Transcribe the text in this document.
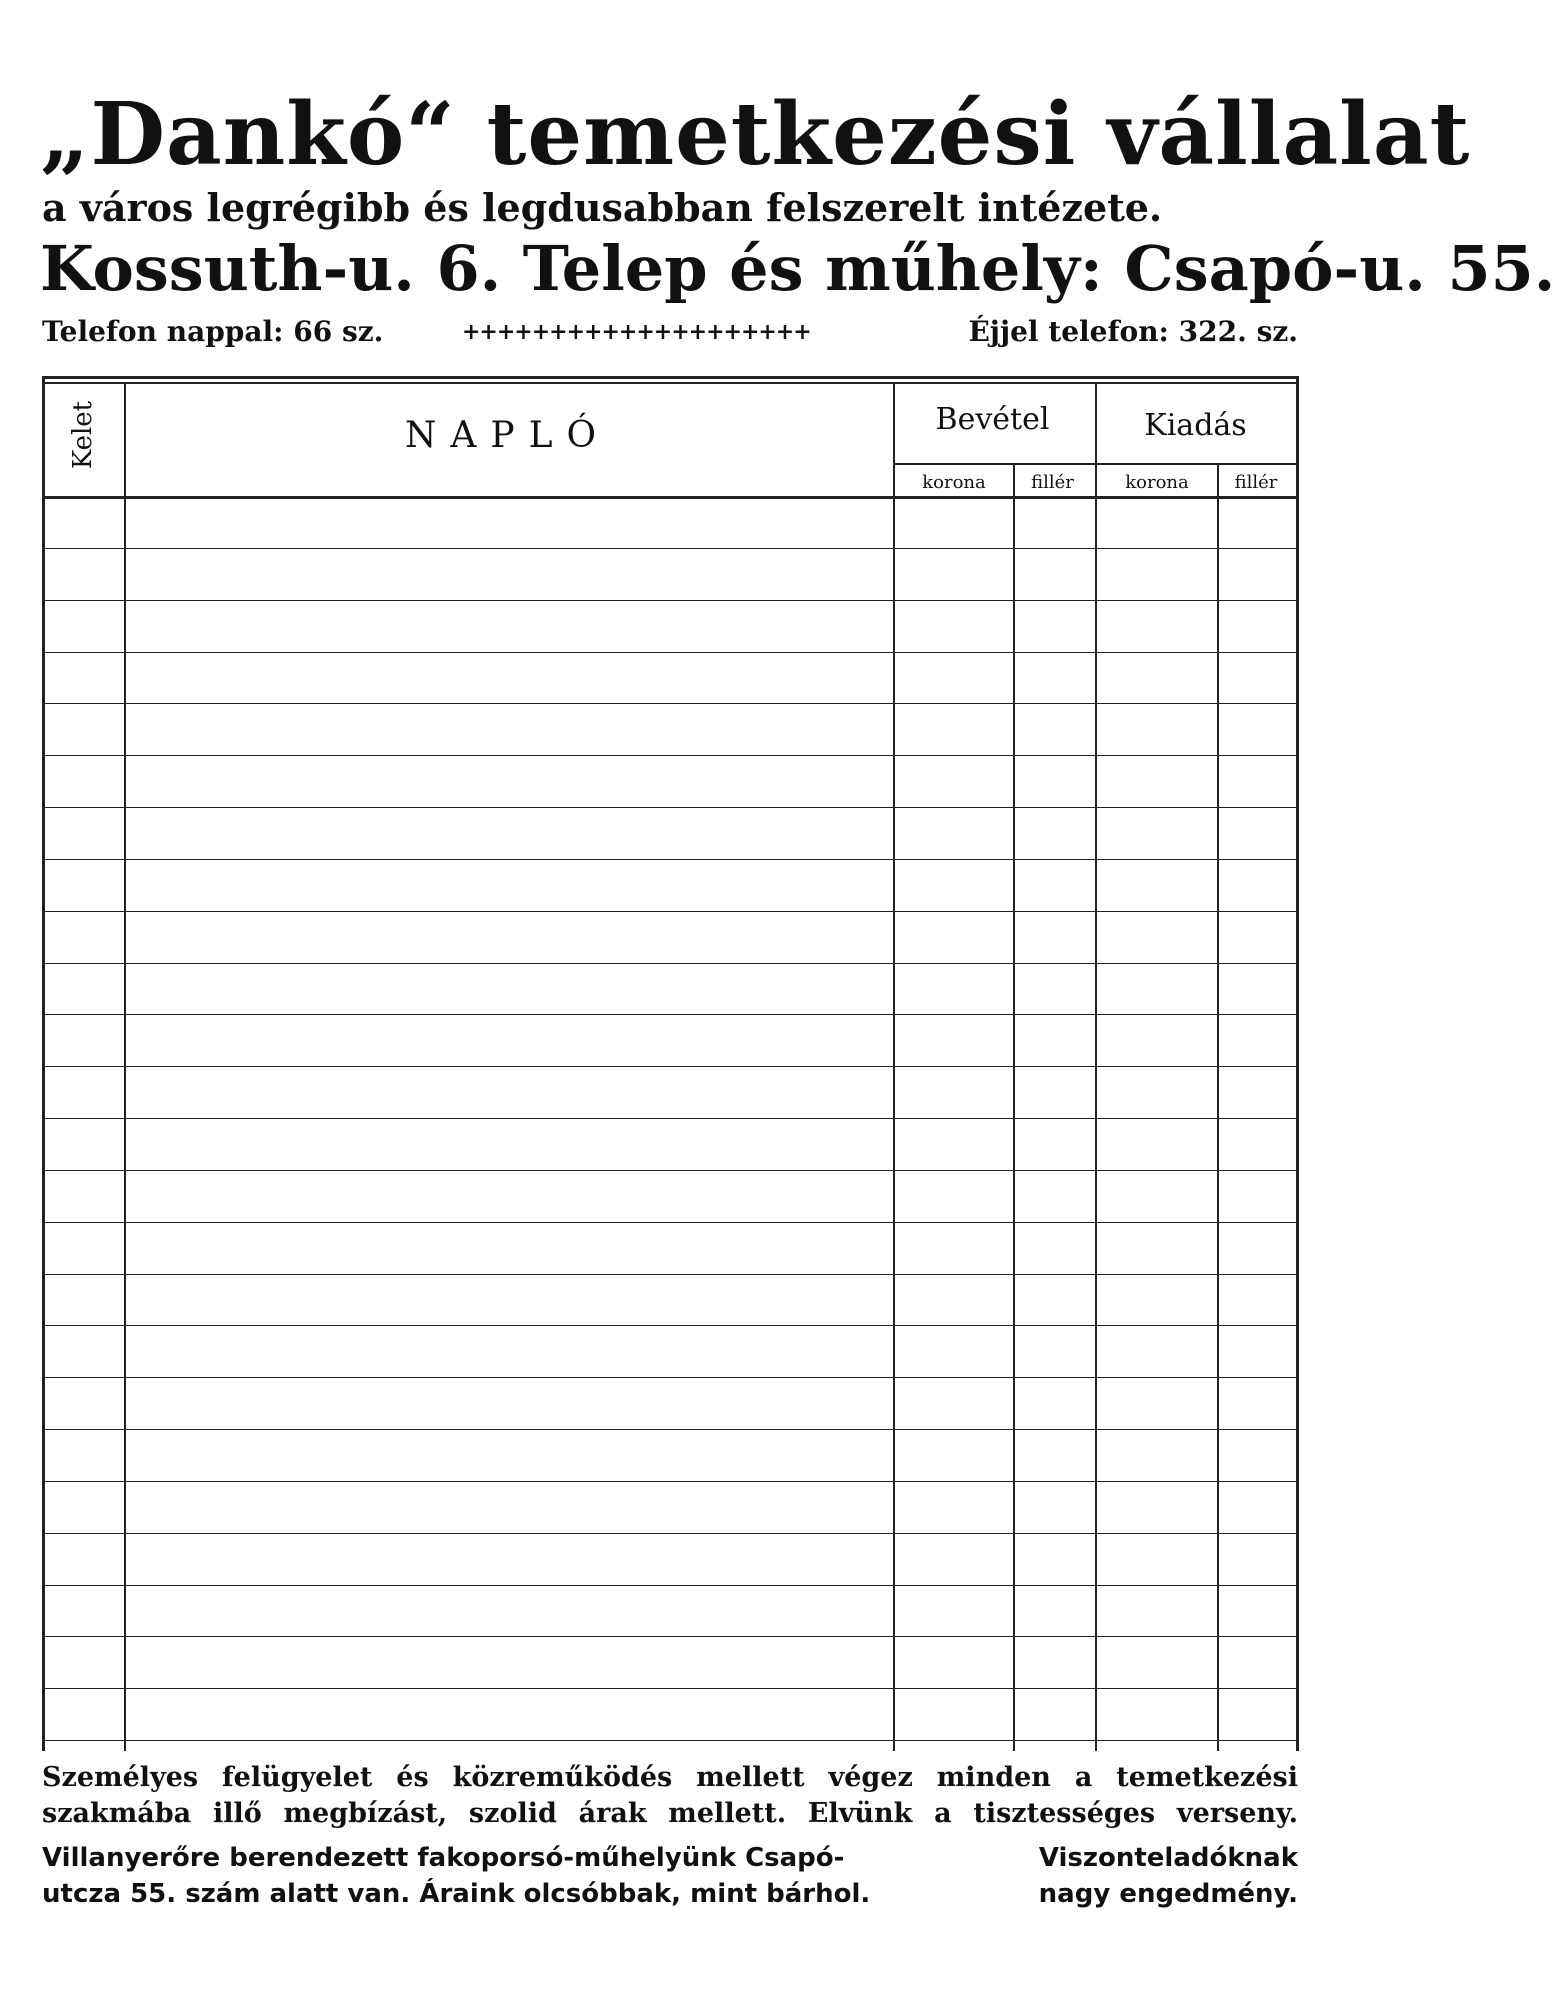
„Dankó“ temetkezési vállalat
a város legrégibb és legdusabban felszerelt intézete.
Kossuth-u. 6. Telep és műhely: Csapó-u. 55.
Telefon nappal: 66 sz.	++++++++++++++++++++	Éjjel telefon: 322. sz.
Kelet	NAPLÓ	Bevétel	Kiadás
korona	fillér	korona	fillér
Személyes felügyelet és közreműködés mellett végez minden a temetkezési
szakmába illő megbízást, szolid árak mellett. Elvünk a tisztességes verseny.
Villanyerőre berendezett fakoporsó-műhelyünk Csapó-
utcza 55. szám alatt van. Áraink olcsóbbak, mint bárhol.
Viszonteladóknak
nagy engedmény.
